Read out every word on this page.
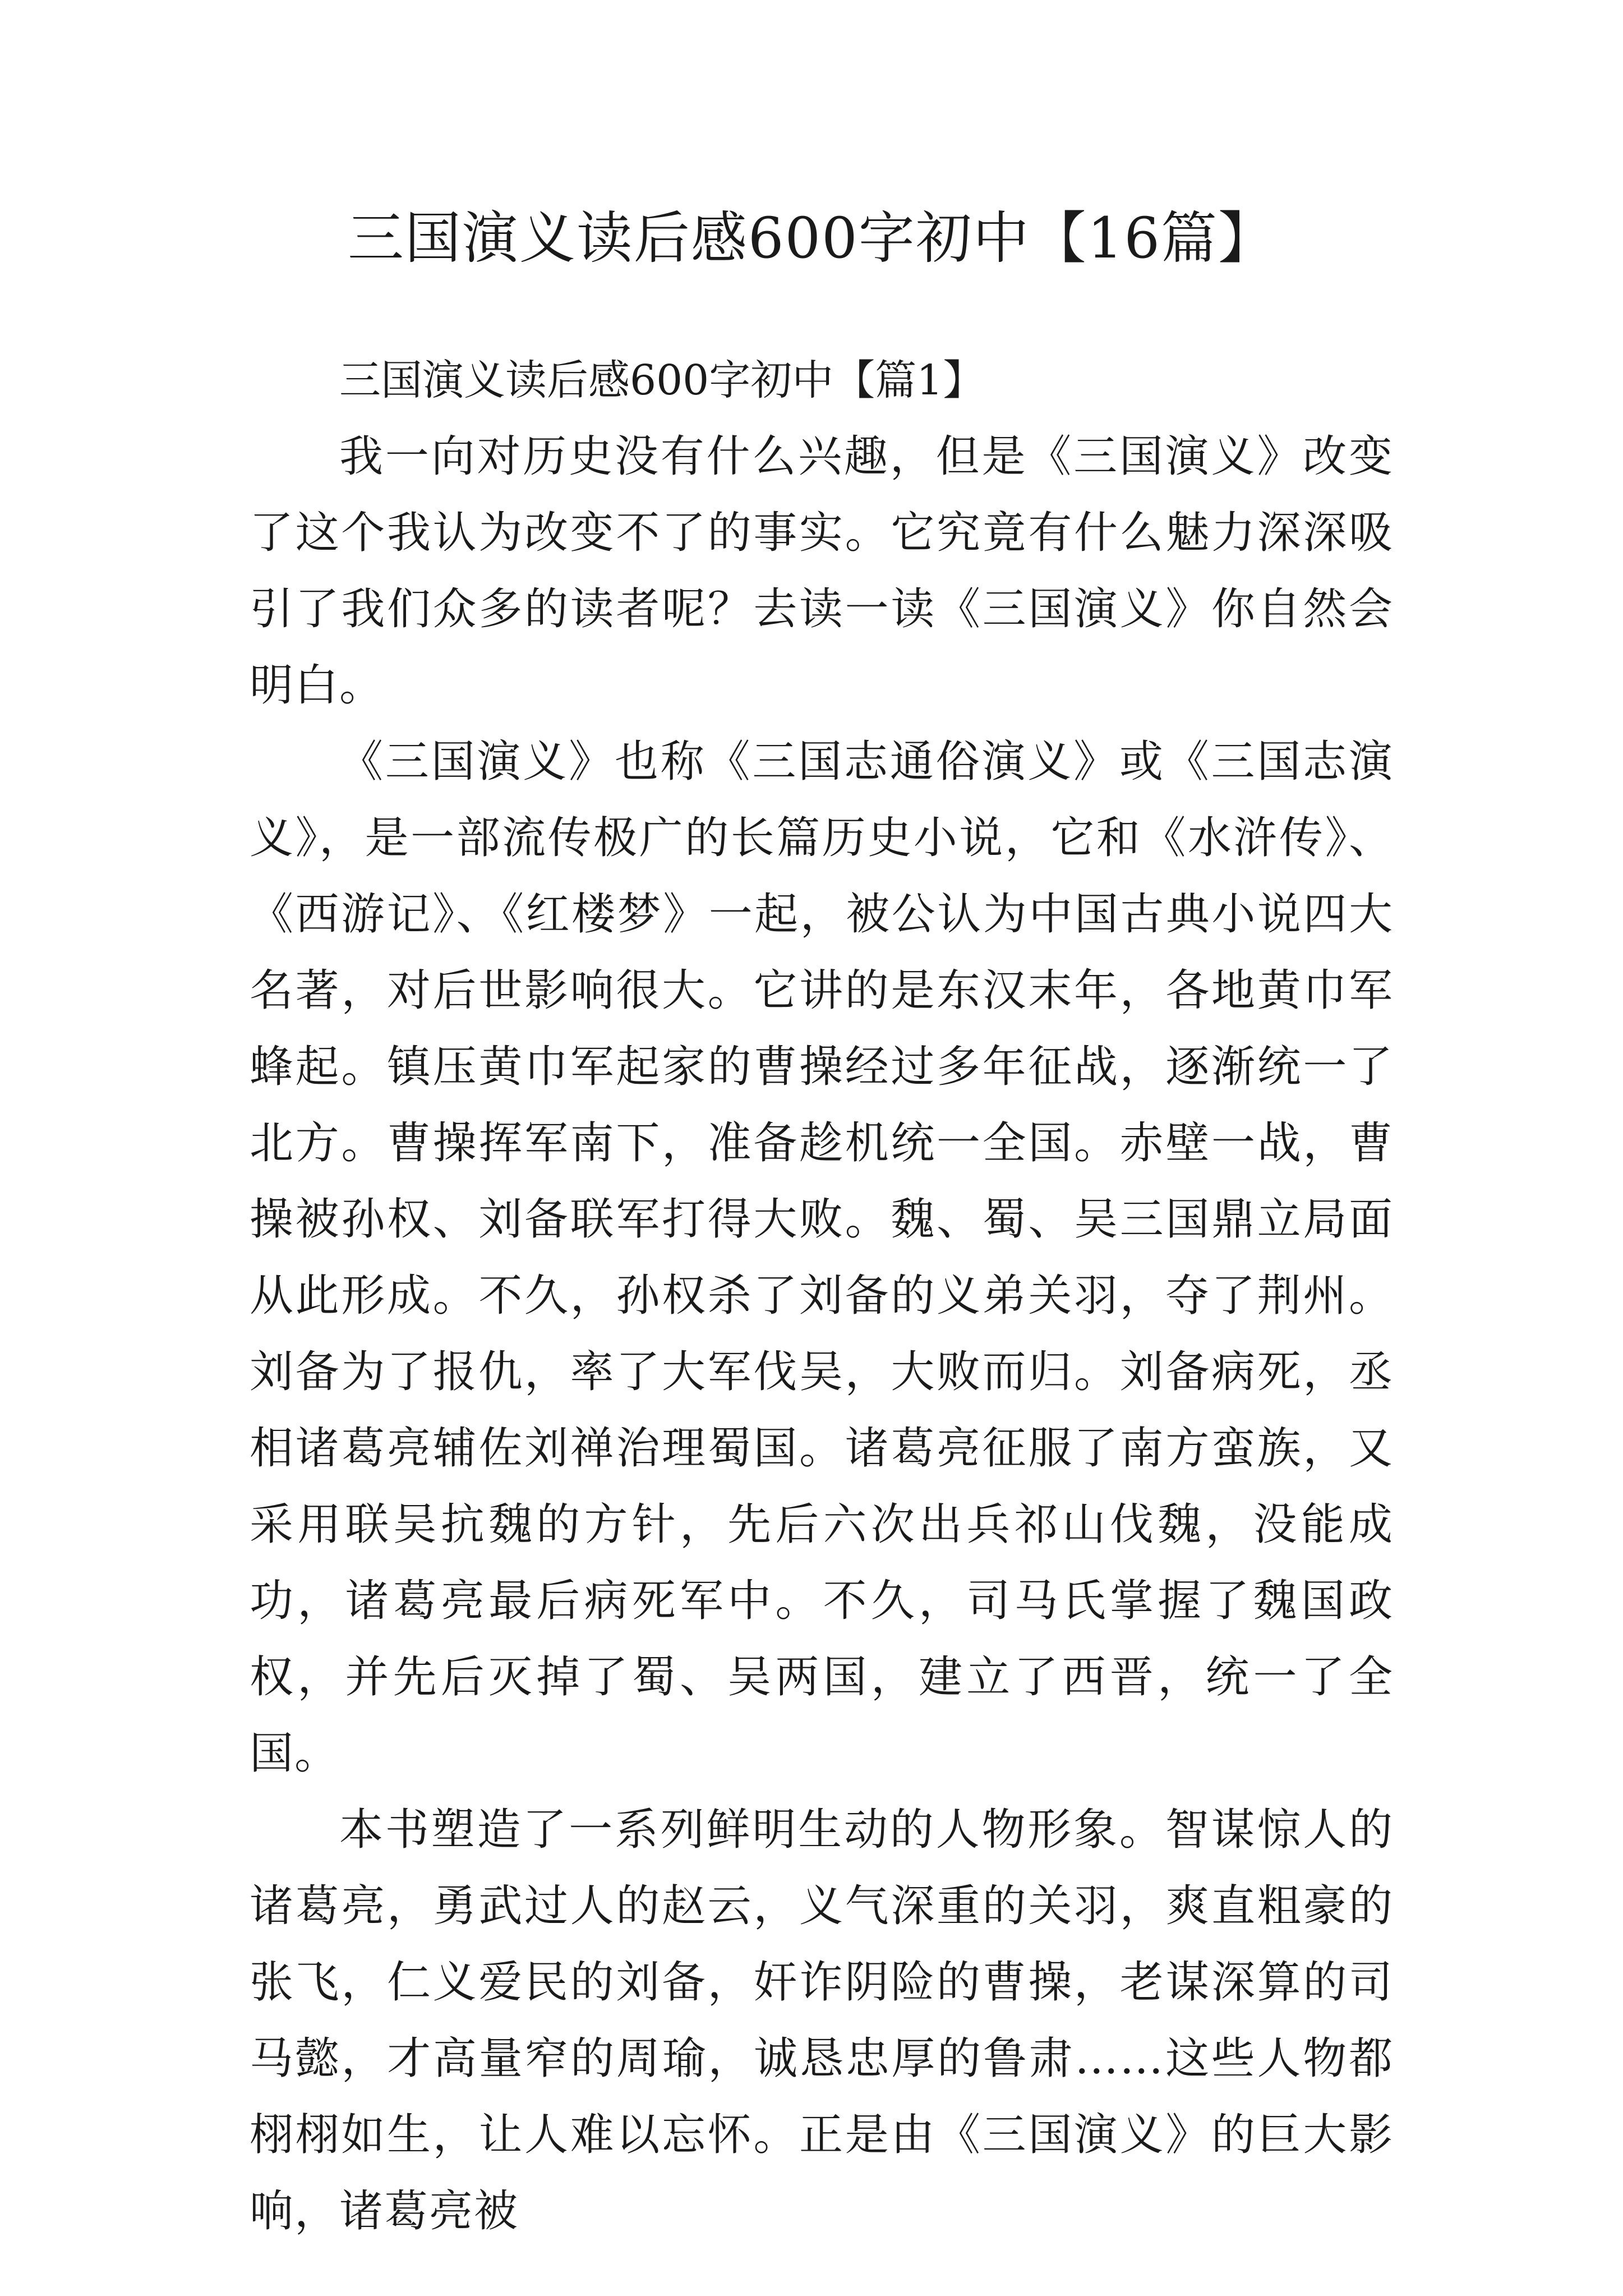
三国演义读后感600字初中【16篇】

三国演义读后感600字初中【篇1】

我一向对历史没有什么兴趣，但是《三国演义》改变了这个我认为改变不了的事实。它究竟有什么魅力深深吸引了我们众多的读者呢？去读一读《三国演义》你自然会明白。

《三国演义》也称《三国志通俗演义》或《三国志演义》，是一部流传极广的长篇历史小说，它和《水浒传》、《西游记》、《红楼梦》一起，被公认为中国古典小说四大名著，对后世影响很大。它讲的是东汉末年，各地黄巾军蜂起。镇压黄巾军起家的曹操经过多年征战，逐渐统一了北方。曹操挥军南下，准备趁机统一全国。赤壁一战，曹操被孙权、刘备联军打得大败。魏、蜀、吴三国鼎立局面从此形成。不久，孙权杀了刘备的义弟关羽，夺了荆州。刘备为了报仇，率了大军伐吴，大败而归。刘备病死，丞相诸葛亮辅佐刘禅治理蜀国。诸葛亮征服了南方蛮族，又采用联吴抗魏的方针，先后六次出兵祁山伐魏，没能成功，诸葛亮最后病死军中。不久，司马氏掌握了魏国政权，并先后灭掉了蜀、吴两国，建立了西晋，统一了全国。

本书塑造了一系列鲜明生动的人物形象。智谋惊人的诸葛亮，勇武过人的赵云，义气深重的关羽，爽直粗豪的张飞，仁义爱民的刘备，奸诈阴险的曹操，老谋深算的司马懿，才高量窄的周瑜，诚恳忠厚的鲁肃……这些人物都栩栩如生，让人难以忘怀。正是由《三国演义》的巨大影响，诸葛亮被
